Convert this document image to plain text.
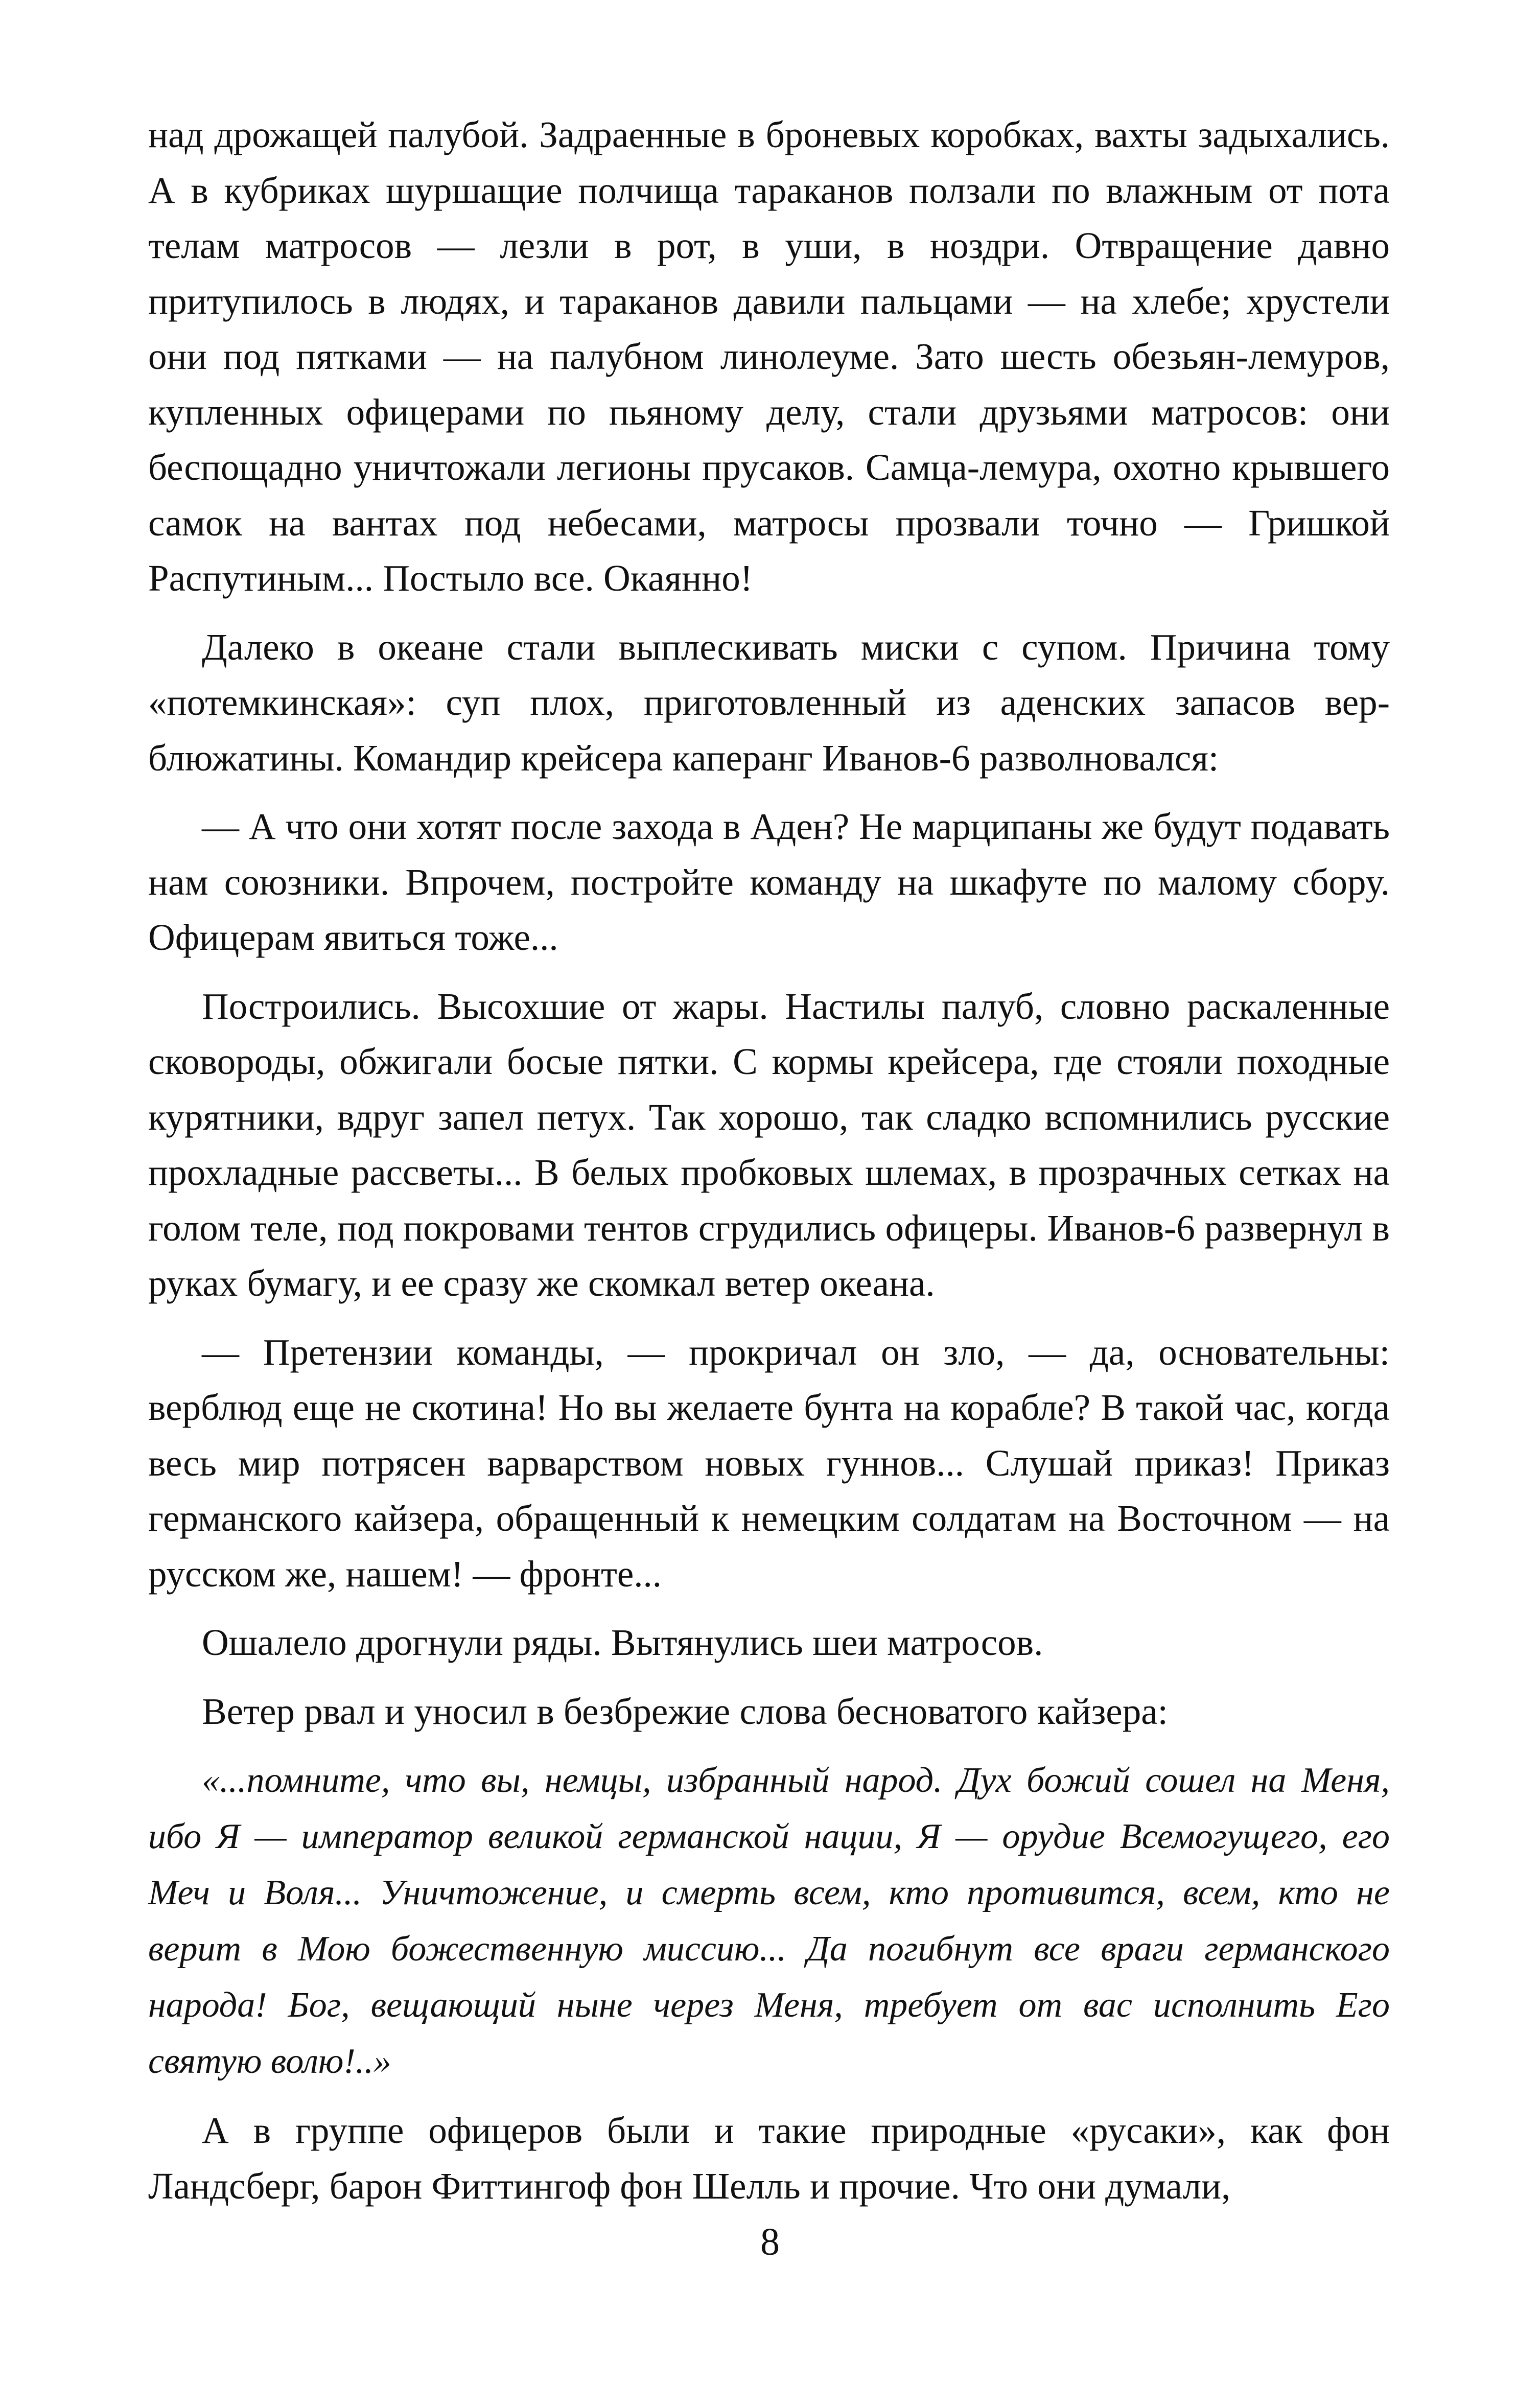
над дрожащей палубой. Задраенные в броневых коробках, вахты задыхались. А в кубриках шуршащие полчища тараканов ползали по влажным от пота телам матросов — лезли в рот, в уши, в ноздри. Отвращение давно притупилось в людях, и тараканов давили пальцами — на хлебе; хрустели они под пятками — на палубном линолеуме. Зато шесть обезьян-лемуров, купленных офицерами по пьяному делу, стали друзьями матросов: они беспощадно уничтожали легионы прусаков. Самца-лемура, охотно крывшего самок на вантах под небесами, матросы прозвали точно — Гришкой Распутиным... Постыло все. Окаянно!

Далеко в океане стали выплескивать миски с супом. Причина тому «потемкинская»: суп плох, приготовленный из аденских запасов верблюжатины. Командир крейсера каперанг Иванов-6 разволновался:

— А что они хотят после захода в Аден? Не марципаны же будут подавать нам союзники. Впрочем, постройте команду на шкафуте по малому сбору. Офицерам явиться тоже...

Построились. Высохшие от жары. Настилы палуб, словно раскаленные сковороды, обжигали босые пятки. С кормы крейсера, где стояли походные курятники, вдруг запел петух. Так хорошо, так сладко вспомнились русские прохладные рассветы... В белых пробковых шлемах, в прозрачных сетках на голом теле, под покровами тентов сгрудились офицеры. Иванов-6 развернул в руках бумагу, и ее сразу же скомкал ветер океана.

— Претензии команды, — прокричал он зло, — да, основательны: верблюд еще не скотина! Но вы желаете бунта на корабле? В такой час, когда весь мир потрясен варварством новых гуннов... Слушай приказ! Приказ германского кайзера, обращенный к немецким солдатам на Восточном — на русском же, нашем! — фронте...

Ошалело дрогнули ряды. Вытянулись шеи матросов.

Ветер рвал и уносил в безбрежие слова бесноватого кайзера:

«...помните, что вы, немцы, избранный народ. Дух божий сошел на Меня, ибо Я — император великой германской нации, Я — орудие Всемогущего, его Меч и Воля... Уничтожение, и смерть всем, кто противится, всем, кто не верит в Мою божественную миссию... Да погибнут все враги германского народа! Бог, вещающий ныне через Меня, требует от вас исполнить Его святую волю!..»

А в группе офицеров были и такие природные «русаки», как фон Ландсберг, барон Фиттингоф фон Шелль и прочие. Что они думали,

8
